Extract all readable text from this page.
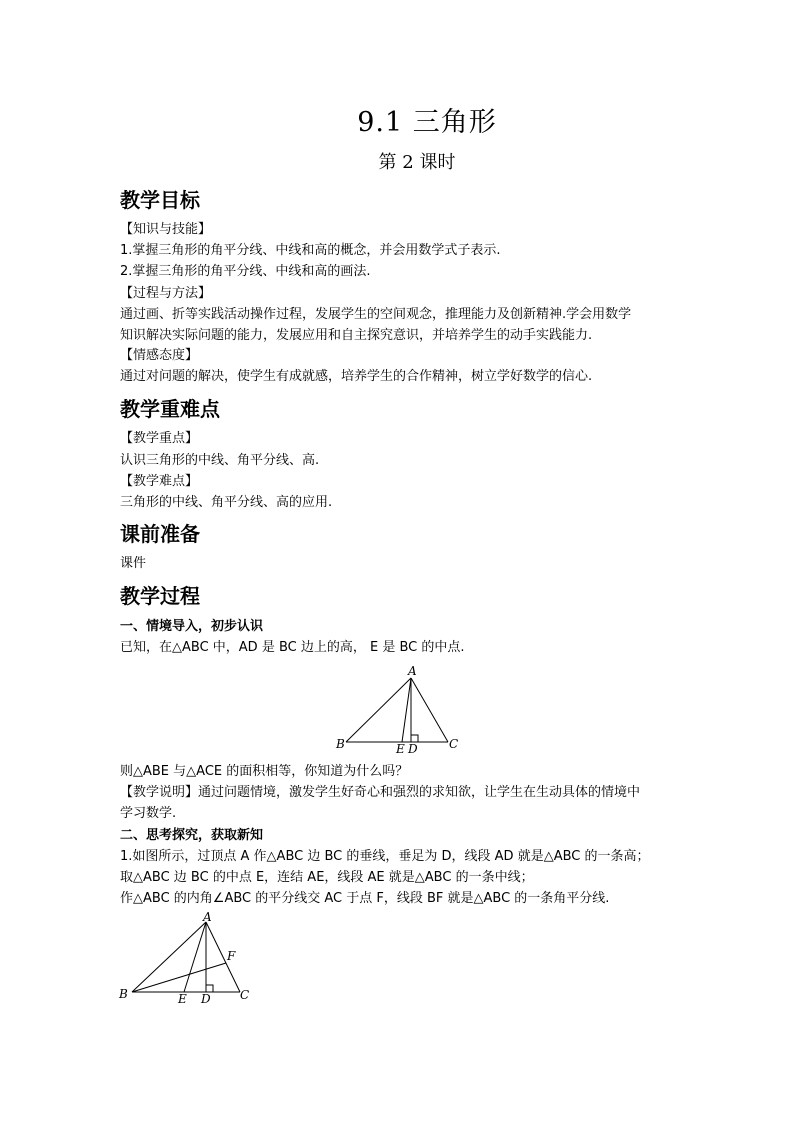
9.1 三角形
第 2 课时
教学目标
【知识与技能】
1.掌握三角形的角平分线、中线和高的概念，并会用数学式子表示.
2.掌握三角形的角平分线、中线和高的画法.
【过程与方法】
通过画、折等实践活动操作过程，发展学生的空间观念，推理能力及创新精神.学会用数学
知识解决实际问题的能力，发展应用和自主探究意识，并培养学生的动手实践能力.
【情感态度】
通过对问题的解决，使学生有成就感，培养学生的合作精神，树立学好数学的信心.
教学重难点
【教学重点】
认识三角形的中线、角平分线、高.
【教学难点】
三角形的中线、角平分线、高的应用.
课前准备
课件
教学过程
一、情境导入，初步认识
已知，在△ABC 中，AD 是 BC 边上的高， E 是 BC 的中点.
A
B	C
D
E
则△ABE 与△ACE 的面积相等，你知道为什么吗？
【教学说明】通过问题情境，激发学生好奇心和强烈的求知欲，让学生在生动具体的情境中
学习数学.
二、思考探究，获取新知
1.如图所示，过顶点 A 作△ABC 边 BC 的垂线，垂足为 D，线段 AD 就是△ABC 的一条高；
取△ABC 边 BC 的中点 E，连结 AE，线段 AE 就是△ABC 的一条中线；
作△ABC 的内角∠ABC 的平分线交 AC 于点 F，线段 BF 就是△ABC 的一条角平分线.
A
B	C
D
E
F
